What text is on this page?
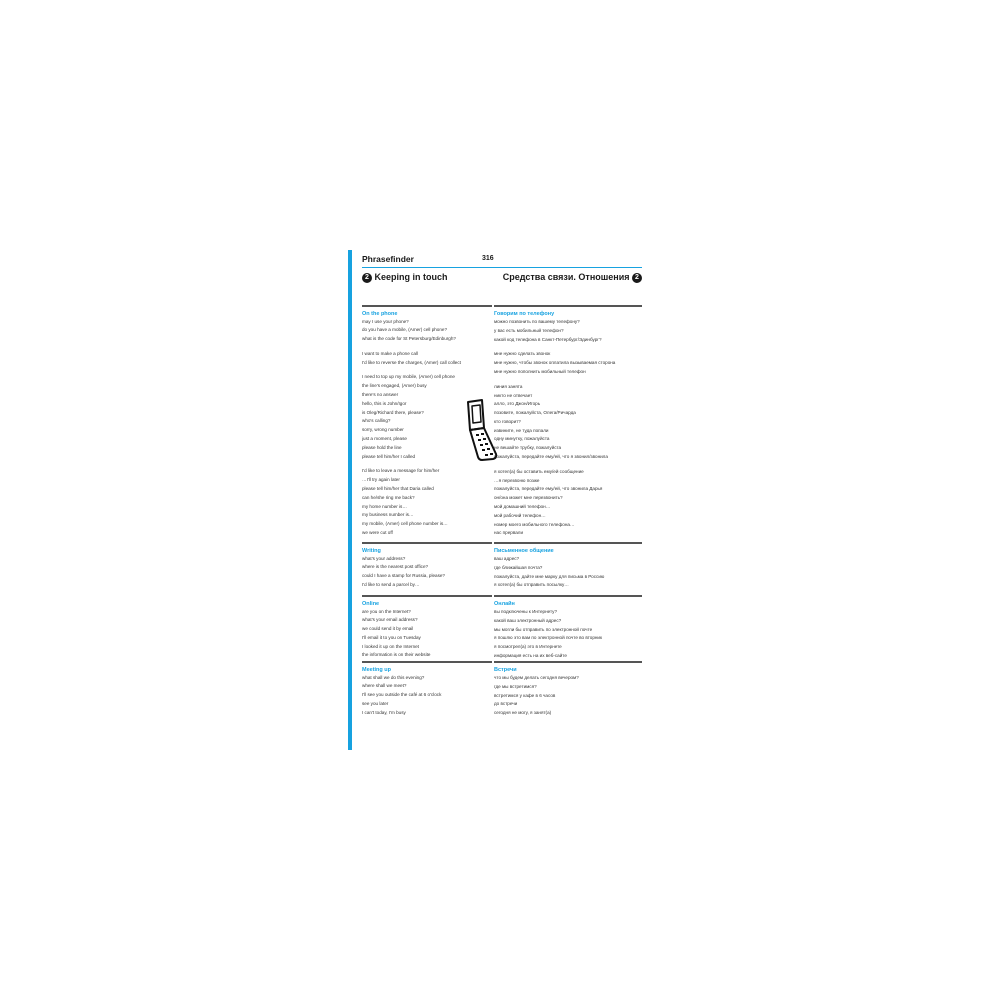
Phrasefinder	316
2 Keeping in touch	Средства связи. Отношения 2
On the phone
may I use your phone?
do you have a mobile, (Amer) cell phone?
what is the code for St Petersburg/Edinburgh?
I want to make a phone call
I'd like to reverse the charges, (Amer) call collect
I need to top up my mobile, (Amer) cell phone
the line's engaged, (Amer) busy
there's no answer
hello, this is John/Igor
is Oleg/Richard there, please?
who's calling?
sorry, wrong number
just a moment, please
please hold the line
please tell him/her I called
I'd like to leave a message for him/her
…I'll try again later
please tell him/her that Daria called
can he/she ring me back?
my home number is…
my business number is…
my mobile, (Amer) cell phone number is…
we were cut off
Writing
what's your address?
where is the nearest post office?
could I have a stamp for Russia, please?
I'd like to send a parcel by…
Online
are you on the Internet?
what's your email address?
we could send it by email
I'll email it to you on Tuesday
I looked it up on the Internet
the information is on their website
Meeting up
what shall we do this evening?
where shall we meet?
I'll see you outside the café at 6 o'clock
see you later
I can't today, I'm busy
Говорим по телефону
можно позвонить по вашему телефону?
у вас есть мобильный телефон?
какой код телефона в Санкт-Петербург/Эдинбург?
мне нужно сделать звонок
мне нужно, чтобы звонок оплатила вызываемая сторона
мне нужно пополнить мобильный телефон
линия занята
никто не отвечает
алло, это Джон/Игорь
позовите, пожалуйста, Олега/Ричарда
кто говорит?
извините, не туда попали
одну минутку, пожалуйста
не вешайте трубку, пожалуйста
пожалуйста, передайте ему/ей, что я звонил/звонила
я хотел(а) бы оставить ему/ей сообщение
…я перезвоню позже
пожалуйста, передайте ему/ей, что звонила Дарья
он/она может мне перезвонить?
мой домашний телефон…
мой рабочий телефон…
номер моего мобильного телефона…
нас прервали
Письменное общение
ваш адрес?
где ближайшая почта?
пожалуйста, дайте мне марку для письма в Россию
я хотел(а) бы отправить посылку…
Онлайн
вы подключены к Интернету?
какой ваш электронный адрес?
мы могли бы отправить по электронной почте
я пошлю это вам по электронной почте во вторник
я посмотрел(а) это в Интернете
информация есть на их веб-сайте
Встречи
что мы будем делать сегодня вечером?
где мы встретимся?
встретимся у кафе в 6 часов
до встречи
сегодня не могу, я занят(а)
